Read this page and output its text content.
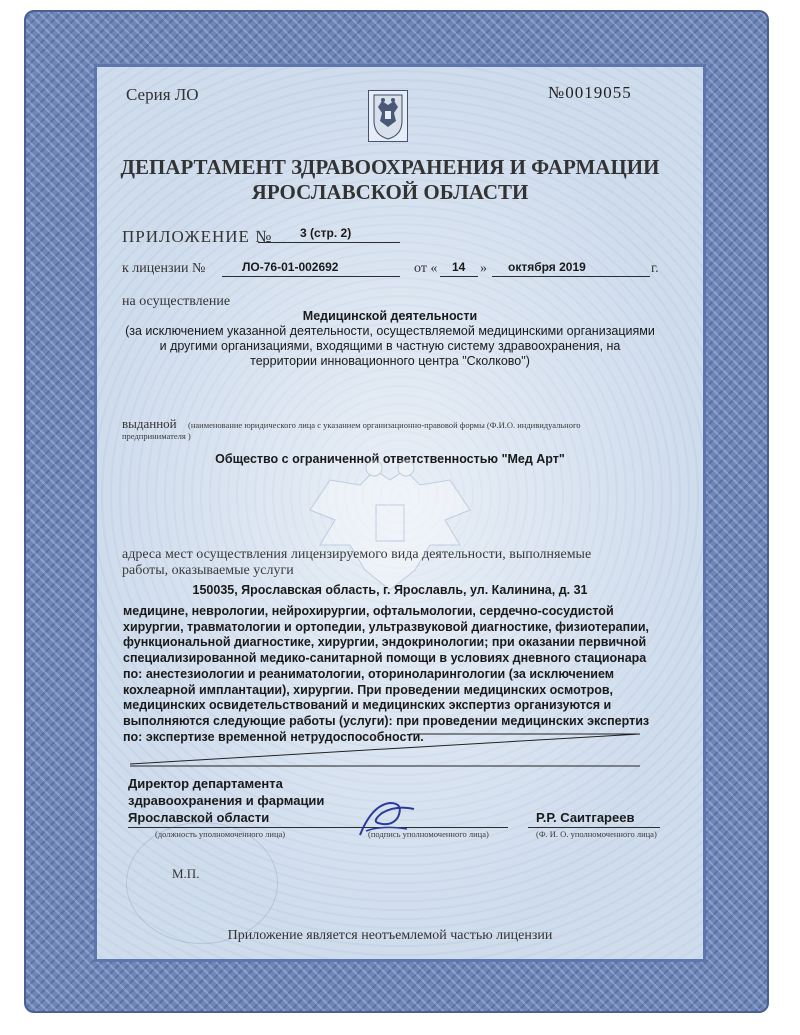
Серия ЛО	№0019055
ДЕПАРТАМЕНТ ЗДРАВООХРАНЕНИЯ И ФАРМАЦИИ
ЯРОСЛАВСКОЙ ОБЛАСТИ
ПРИЛОЖЕНИЕ № 3 (стр. 2)
к лицензии №	ЛО-76-01-002692	от « 14 » октября 2019	г.
на осуществление
Медицинской деятельности
(за исключением указанной деятельности, осуществляемой медицинскими организациями
и другими организациями, входящими в частную систему здравоохранения, на
территории инновационного центра "Сколково")
выданной (наименование юридического лица с указанием организационно-правовой формы (Ф.И.О. индивидуального
предпринимателя )
Общество с ограниченной ответственностью "Мед Арт"
адреса мест осуществления лицензируемого вида деятельности, выполняемые
работы, оказываемые услуги
150035, Ярославская область, г. Ярославль, ул. Калинина, д. 31
медицине, неврологии, нейрохирургии, офтальмологии, сердечно-сосудистой
хирургии, травматологии и ортопедии, ультразвуковой диагностике, физиотерапии,
функциональной диагностике, хирургии, эндокринологии; при оказании первичной
специализированной медико-санитарной помощи в условиях дневного стационара
по: анестезиологии и реаниматологии, оториноларингологии (за исключением
кохлеарной имплантации), хирургии. При проведении медицинских осмотров,
медицинских освидетельствований и медицинских экспертиз организуются и
выполняются следующие работы (услуги): при проведении медицинских экспертиз
по: экспертизе временной нетрудоспособности.
Директор департамента
здравоохранения и фармации
Ярославской области	Р.Р. Саитгареев
(должность уполномоченного лица)	(подпись уполномоченного лица)	(Ф. И. О. уполномоченного лица)
М.П.
Приложение является неотъемлемой частью лицензии
